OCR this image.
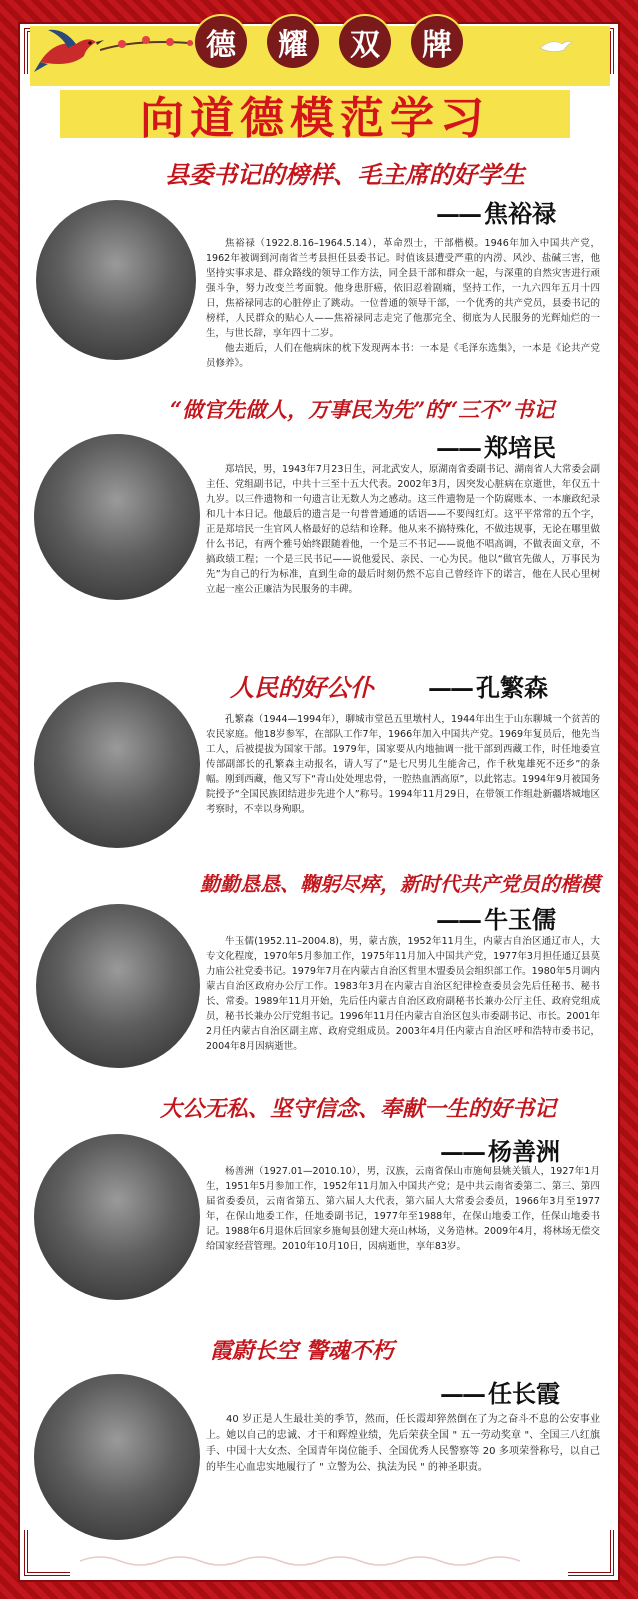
德	耀	双	牌
向道德模范学习
县委书记的榜样、毛主席的好学生
—— 焦裕禄

焦裕禄（1922.8.16–1964.5.14），革命烈士，干部楷模。1946年加入中国共产党，1962年被调到河南省兰考县担任县委书记。时值该县遭受严重的内涝、风沙、盐碱三害，他坚持实事求是、群众路线的领导工作方法，同全县干部和群众一起，与深重的自然灾害进行顽强斗争，努力改变兰考面貌。他身患肝癌，依旧忍着剧痛，坚持工作，一九六四年五月十四日，焦裕禄同志的心脏停止了跳动。一位普通的领导干部，一个优秀的共产党员，县委书记的榜样，人民群众的贴心人——焦裕禄同志走完了他那完全、彻底为人民服务的光辉灿烂的一生，与世长辞，享年四十二岁。

他去逝后，人们在他病床的枕下发现两本书：一本是《毛泽东选集》，一本是《论共产党员修养》。

“做官先做人，万事民为先”的“三不”书记
—— 郑培民

郑培民，男，1943年7月23日生，河北武安人，原湖南省委副书记、湖南省人大常委会副主任、党组副书记，中共十三至十五大代表。2002年3月，因突发心脏病在京逝世，年仅五十九岁。以三件遗物和一句遗言让无数人为之感动。这三件遗物是一个防腐账本、一本廉政纪录和几十本日记。他最后的遗言是一句普普通通的话语——不要闯红灯。这平平常常的五个字，正是郑培民一生官风人格最好的总结和诠释。他从来不搞特殊化，不做违规事，无论在哪里做什么书记，有两个雅号始终跟随着他，一个是三不书记——说他不唱高调，不做表面文章，不搞政绩工程；一个是三民书记——说他爱民、亲民、一心为民。他以“做官先做人，万事民为先”为自己的行为标准，直到生命的最后时刻仍然不忘自己曾经许下的诺言，他在人民心里树立起一座公正廉洁为民服务的丰碑。

人民的好公仆 —— 孔繁森

孔繁森（1944—1994年），聊城市堂邑五里墩村人，1944年出生于山东聊城一个贫苦的农民家庭。他18岁参军，在部队工作7年，1966年加入中国共产党。1969年复员后，他先当工人，后被提拔为国家干部。1979年，国家要从内地抽调一批干部到西藏工作，时任地委宣传部副部长的孔繁森主动报名，请人写了“是七尺男儿生能舍己，作千秋鬼雄死不还乡”的条幅。刚到西藏，他又写下“青山处处埋忠骨，一腔热血洒高原”，以此铭志。1994年9月被国务院授予“全国民族团结进步先进个人”称号。1994年11月29日，在带领工作组赴新疆塔城地区考察时，不幸以身殉职。

勤勤恳恳、鞠躬尽瘁，新时代共产党员的楷模
—— 牛玉儒

牛玉儒(1952.11–2004.8)，男，蒙古族，1952年11月生，内蒙古自治区通辽市人，大专文化程度，1970年5月参加工作，1975年11月加入中国共产党，1977年3月担任通辽县莫力庙公社党委书记。1979年7月在内蒙古自治区哲里木盟委员会组织部工作。1980年5月调内蒙古自治区政府办公厅工作。1983年3月在内蒙古自治区纪律检查委员会先后任秘书、秘书长、常委。1989年11月开始，先后任内蒙古自治区政府副秘书长兼办公厅主任、政府党组成员，秘书长兼办公厅党组书记。1996年11月任内蒙古自治区包头市委副书记、市长。2001年2月任内蒙古自治区副主席、政府党组成员。2003年4月任内蒙古自治区呼和浩特市委书记，2004年8月因病逝世。

大公无私、坚守信念、奉献一生的好书记
—— 杨善洲

杨善洲（1927.01—2010.10），男，汉族，云南省保山市施甸县姚关镇人，1927年1月生，1951年5月参加工作，1952年11月加入中国共产党；是中共云南省委第二、第三、第四届省委委员，云南省第五、第六届人大代表，第六届人大常委会委员，1966年3月至1977年，在保山地委工作，任地委副书记，1977年至1988年，在保山地委工作，任保山地委书记。1988年6月退休后回家乡施甸县创建大亮山林场，义务造林。2009年4月，将林场无偿交给国家经营管理。2010年10月10日，因病逝世，享年83岁。

霞蔚长空 警魂不朽
—— 任长霞

40 岁正是人生最壮美的季节，然而，任长霞却猝然倒在了为之奋斗不息的公安事业上。她以自己的忠诚、才干和辉煌业绩，先后荣获全国 " 五一劳动奖章 "、全国三八红旗手、中国十大女杰、全国青年岗位能手、全国优秀人民警察等 20 多项荣誉称号，以自己的毕生心血忠实地履行了 " 立警为公、执法为民 " 的神圣职责。
